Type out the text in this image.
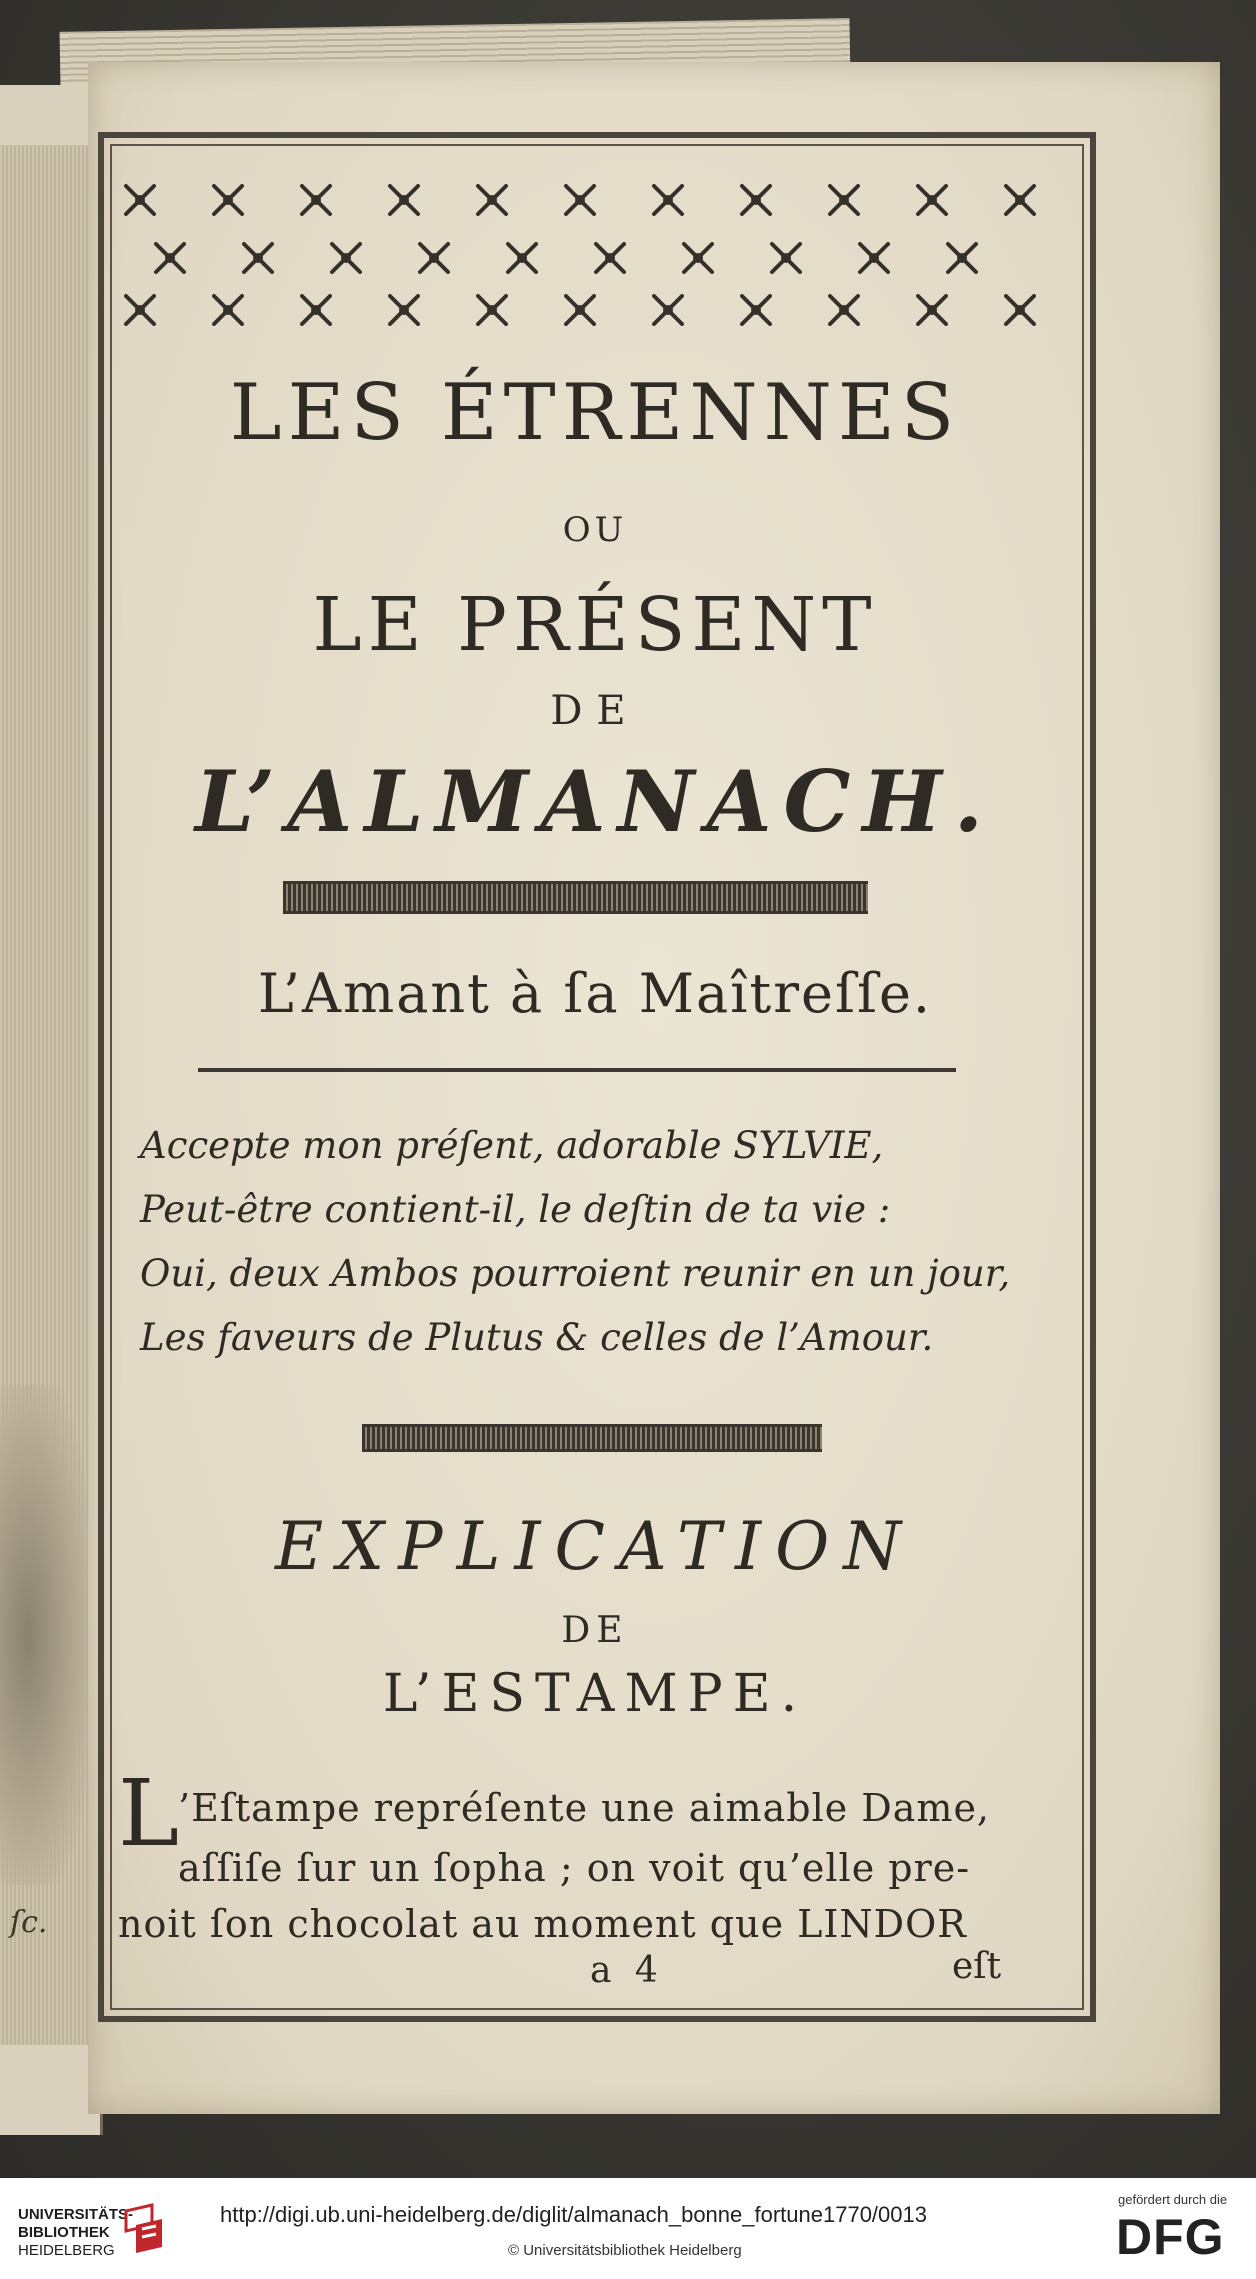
ſc.
LES ÉTRENNES
OU
LE PRÉSENT
DE
L’ALMANACH.
L’Amant à ſa Maîtreſſe.
Accepte mon préſent, adorable SYLVIE,
Peut-être contient-il, le deſtin de ta vie :
Oui, deux Ambos pourroient reunir en un jour,
Les faveurs de Plutus & celles de l’Amour.
EXPLICATION
DE
L’ESTAMPE.
L
’Eſtampe repréſente une aimable Dame,
aſſiſe ſur un ſopha ; on voit qu’elle pre-
noit ſon chocolat au moment que LINDOR
a 4	eſt
UNIVERSITÄTS-
BIBLIOTHEK
HEIDELBERG
http://digi.ub.uni-heidelberg.de/diglit/almanach_bonne_fortune1770/0013
© Universitätsbibliothek Heidelberg
gefördert durch die
DFG
